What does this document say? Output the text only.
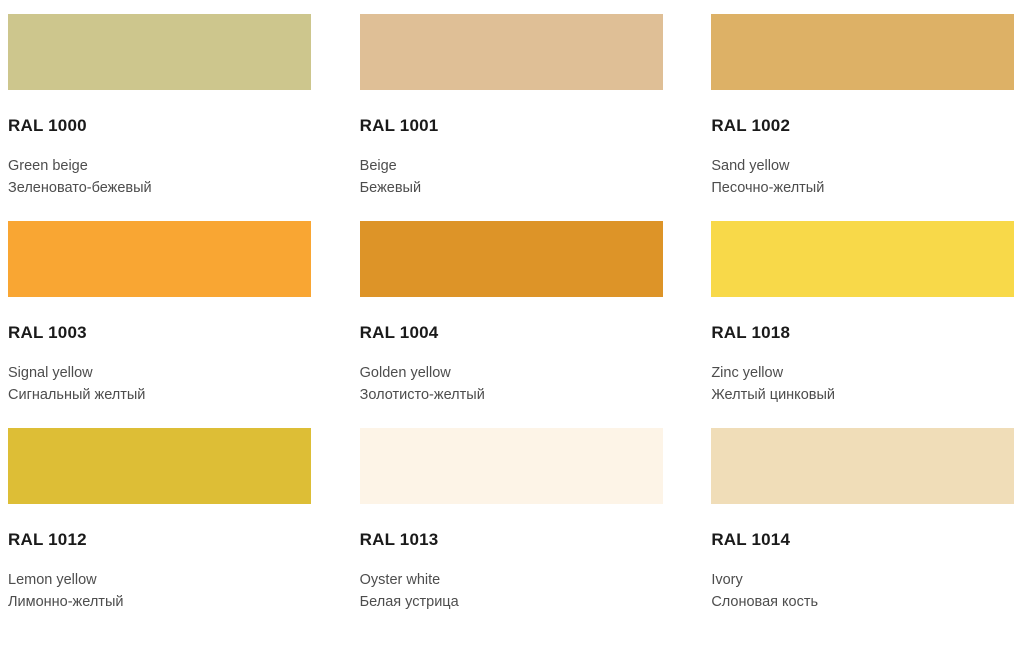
RAL 1000
Green beige
Зеленовато-бежевый
RAL 1001
Beige
Бежевый
RAL 1002
Sand yellow
Песочно-желтый
RAL 1003
Signal yellow
Сигнальный желтый
RAL 1004
Golden yellow
Золотисто-желтый
RAL 1018
Zinc yellow
Желтый цинковый
RAL 1012
Lemon yellow
Лимонно-желтый
RAL 1013
Oyster white
Белая устрица
RAL 1014
Ivory
Слоновая кость
